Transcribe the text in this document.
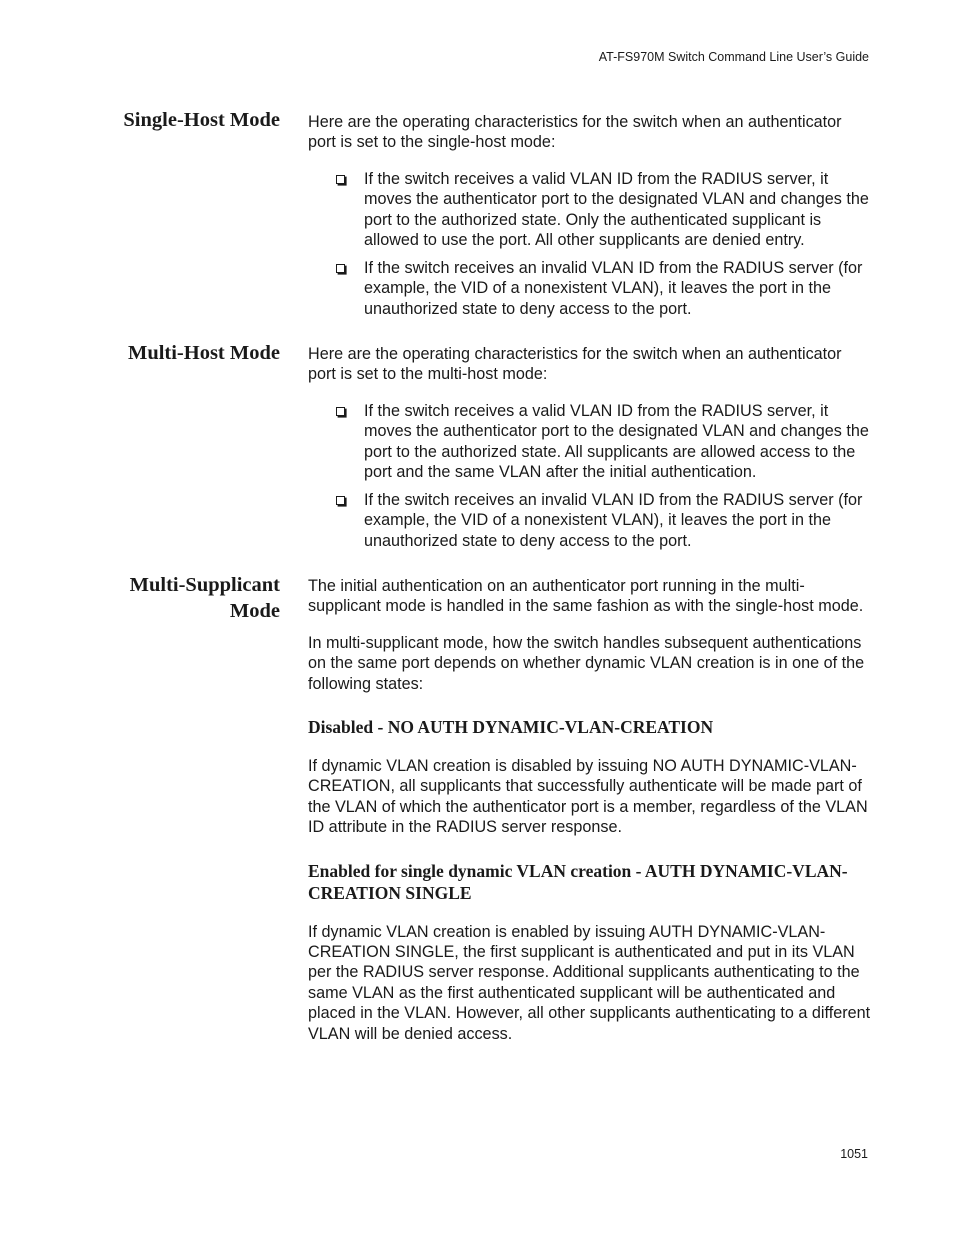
AT-FS970M Switch Command Line User’s Guide
Single-Host Mode Here are the operating characteristics for the switch when an authenticator port is set to the single-host mode:

If the switch receives a valid VLAN ID from the RADIUS server, it moves the authenticator port to the designated VLAN and changes the port to the authorized state. Only the authenticated supplicant is allowed to use the port. All other supplicants are denied entry.
If the switch receives an invalid VLAN ID from the RADIUS server (for example, the VID of a nonexistent VLAN), it leaves the port in the unauthorized state to deny access to the port.
Multi-Host Mode Here are the operating characteristics for the switch when an authenticator port is set to the multi-host mode:

If the switch receives a valid VLAN ID from the RADIUS server, it moves the authenticator port to the designated VLAN and changes the port to the authorized state. All supplicants are allowed access to the port and the same VLAN after the initial authentication.
If the switch receives an invalid VLAN ID from the RADIUS server (for example, the VID of a nonexistent VLAN), it leaves the port in the unauthorized state to deny access to the port.
Multi-Supplicant
Mode

The initial authentication on an authenticator port running in the multi-supplicant mode is handled in the same fashion as with the single-host mode.

In multi-supplicant mode, how the switch handles subsequent authentications on the same port depends on whether dynamic VLAN creation is in one of the following states:

Disabled - NO AUTH DYNAMIC-VLAN-CREATION

If dynamic VLAN creation is disabled by issuing NO AUTH DYNAMIC-VLAN-CREATION, all supplicants that successfully authenticate will be made part of the VLAN of which the authenticator port is a member, regardless of the VLAN ID attribute in the RADIUS server response.

Enabled for single dynamic VLAN creation - AUTH DYNAMIC-VLAN-CREATION SINGLE

If dynamic VLAN creation is enabled by issuing AUTH DYNAMIC-VLAN-CREATION SINGLE, the first supplicant is authenticated and put in its VLAN per the RADIUS server response. Additional supplicants authenticating to the same VLAN as the first authenticated supplicant will be authenticated and placed in the VLAN. However, all other supplicants authenticating to a different VLAN will be denied access.

1051
